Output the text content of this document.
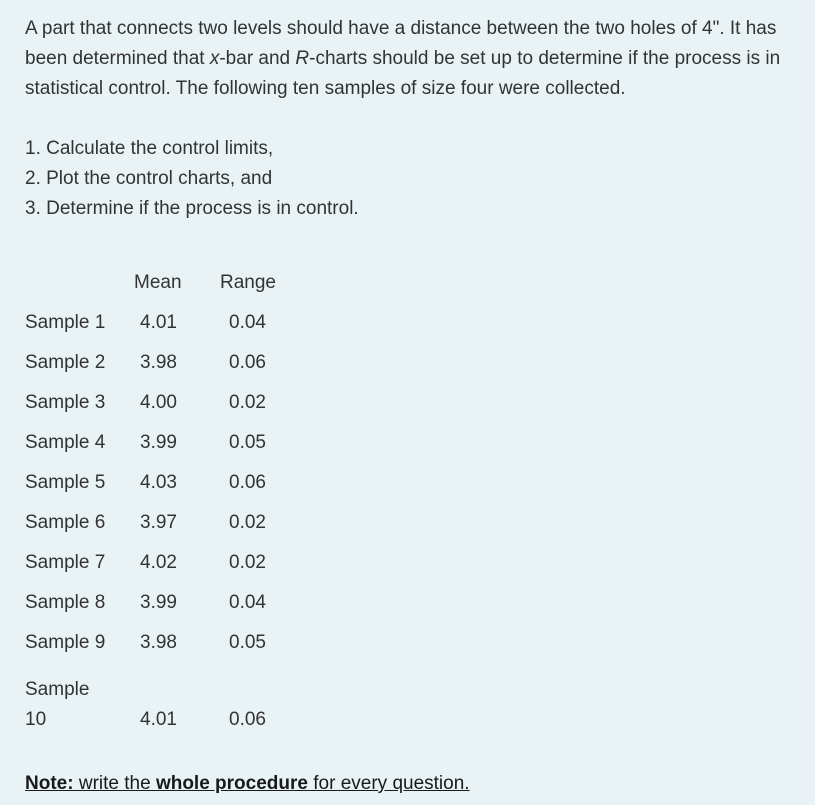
A part that connects two levels should have a distance between the two holes of 4". It has been determined that x-bar and R-charts should be set up to determine if the process is in statistical control. The following ten samples of size four were collected.

1. Calculate the control limits,
2. Plot the control charts, and
3. Determine if the process is in control.
Mean Range
Sample 1 4.01	0.04
Sample 2 3.98	0.06
Sample 3 4.00	0.02
Sample 4 3.99	0.05
Sample 5 4.03	0.06
Sample 6 3.97	0.02
Sample 7 4.02	0.02
Sample 8 3.99	0.04
Sample 9 3.98	0.05
Sample
10	4.01	0.06
Note: write the whole procedure for every question.
